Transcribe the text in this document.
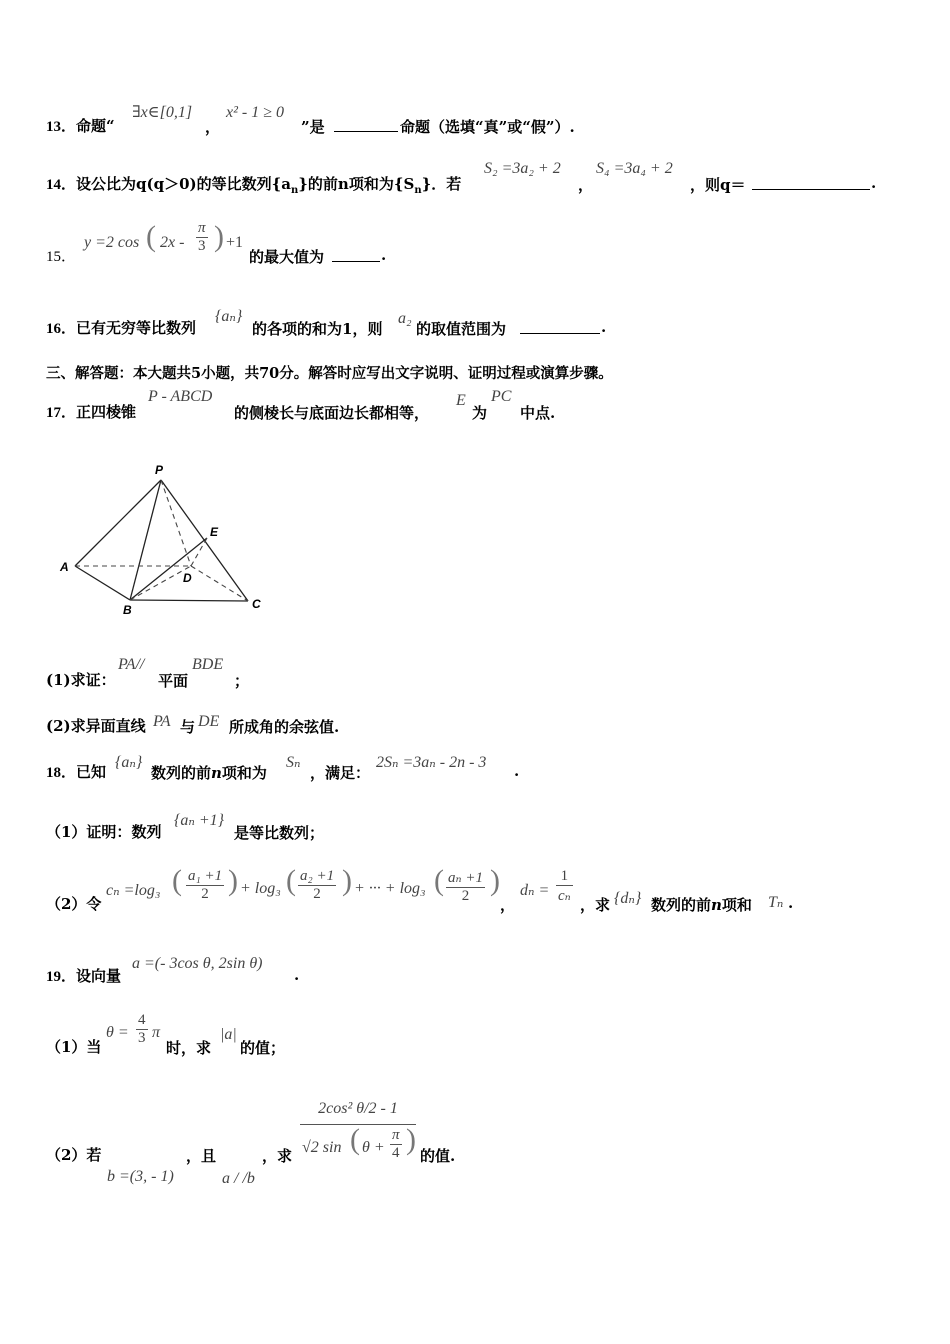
13．命题“
∃x∈[0,1]
，
x² - 1 ≥ 0
”是	命题（选填“真”或“假”）.
14．设公比为q(q＞0)的等比数列$\{a_n\}$的前n项和为$\{S_n\}$．若
S₂ =3a₂ + 2
，
S₄ =3a₄ + 2
，则q＝	.
15．
y =2 cos ( $2x - \frac{\pi}{3}$ ) +1
的最大值为	.
16．已有无穷等比数列
{aₙ}
的各项的和为1，则
a₂
的取值范围为	.
三、解答题：本大题共5小题，共70分。解答时应写出文字说明、证明过程或演算步骤。
17．正四棱锥
P - ABCD
的侧棱长与底面边长都相等，
E
为
PC
中点.
P
A
B	C
D
E
(1)求证：
PA//
平面
BDE
；
(2)求异面直线 PA 与 DE 所成角的余弦值.
18．已知
{aₙ}
数列的前n项和为
Sₙ
，满足：
2Sₙ =3aₙ - 2n - 3 .
（1）证明：数列
{aₙ +1}
是等比数列；
（2）令
cₙ =log₃ ( $\frac{\text{a₁ +1}}{2}$ ) + log₃ ( $\frac{\text{a₂ +1}}{2}$ ) + ··· + log₃ ( $\frac{\text{aₙ +1}}{2}$ )
，
$d_n = \frac{1}{\text{cₙ}}$ ，求 {dₙ} 数列的前n项和 Tₙ .
19．设向量
a =(- 3cos θ, 2sin θ)
.
（1）当
$\theta = \frac{4}{3}$ π
时，求
|a|
的值；
（2）若
b =(3, - 1)
，且
a / /b
，求 $\frac{\text{2cos² θ/2 - 1}}{√2 \sin ( \theta + \frac{\pi}{4} )}$ 的值.
